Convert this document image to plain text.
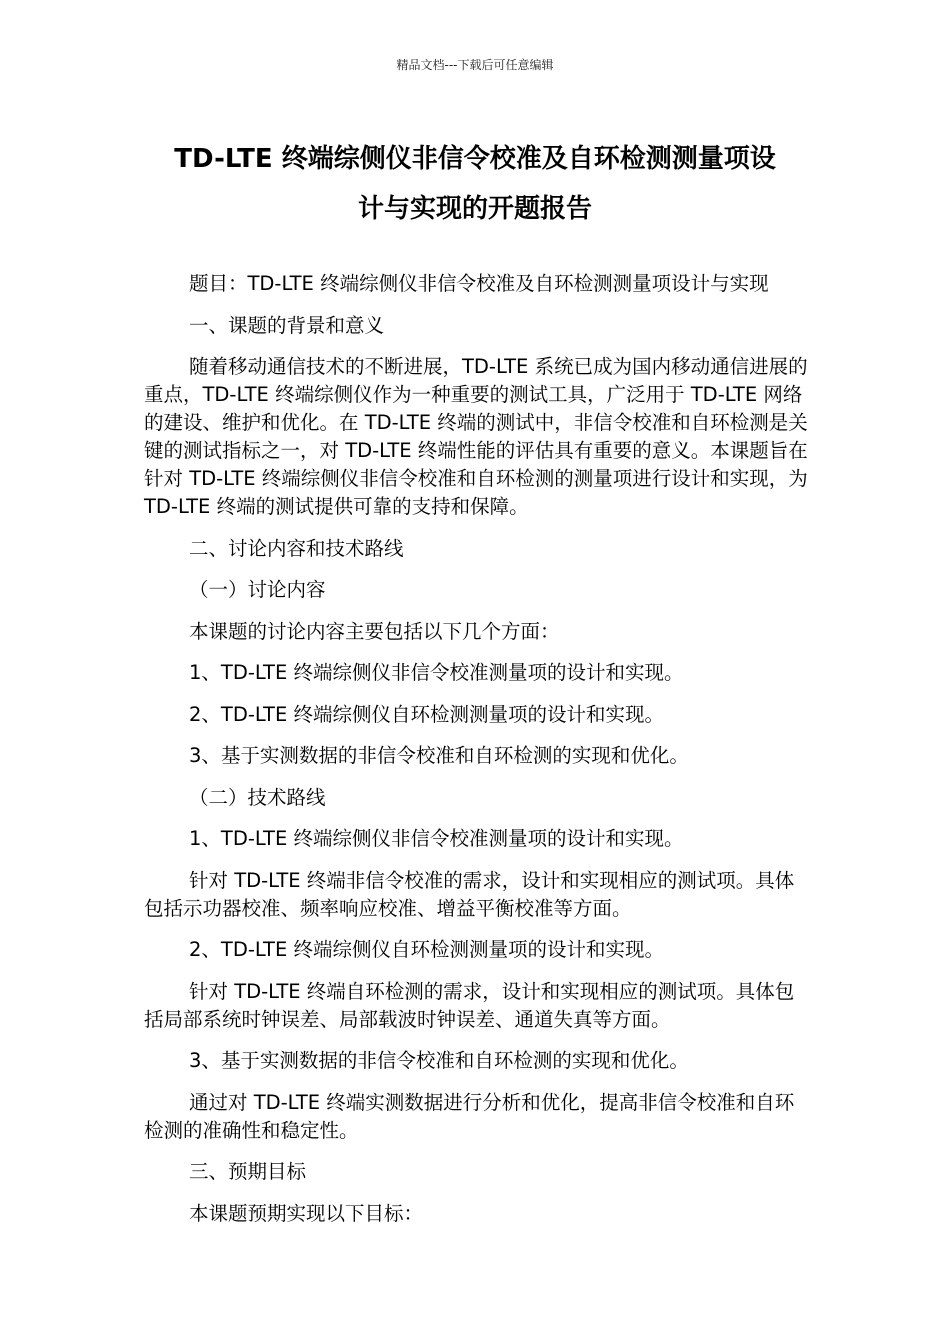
精品文档---下载后可任意编辑
TD-LTE 终端综侧仪非信令校准及自环检测测量项设
计与实现的开题报告

题目：TD-LTE 终端综侧仪非信令校准及自环检测测量项设计与实现

一、课题的背景和意义

随着移动通信技术的不断进展，TD-LTE 系统已成为国内移动通信进展的重点，TD-LTE 终端综侧仪作为一种重要的测试工具，广泛用于 TD-LTE 网络的建设、维护和优化。在 TD-LTE 终端的测试中，非信令校准和自环检测是关键的测试指标之一，对 TD-LTE 终端性能的评估具有重要的意义。本课题旨在针对 TD-LTE 终端综侧仪非信令校准和自环检测的测量项进行设计和实现，为 TD-LTE 终端的测试提供可靠的支持和保障。

二、讨论内容和技术路线

（一）讨论内容

本课题的讨论内容主要包括以下几个方面：

1、TD-LTE 终端综侧仪非信令校准测量项的设计和实现。

2、TD-LTE 终端综侧仪自环检测测量项的设计和实现。

3、基于实测数据的非信令校准和自环检测的实现和优化。

（二）技术路线

1、TD-LTE 终端综侧仪非信令校准测量项的设计和实现。

针对 TD-LTE 终端非信令校准的需求，设计和实现相应的测试项。具体包括示功器校准、频率响应校准、增益平衡校准等方面。

2、TD-LTE 终端综侧仪自环检测测量项的设计和实现。

针对 TD-LTE 终端自环检测的需求，设计和实现相应的测试项。具体包括局部系统时钟误差、局部载波时钟误差、通道失真等方面。

3、基于实测数据的非信令校准和自环检测的实现和优化。

通过对 TD-LTE 终端实测数据进行分析和优化，提高非信令校准和自环检测的准确性和稳定性。

三、预期目标

本课题预期实现以下目标：
